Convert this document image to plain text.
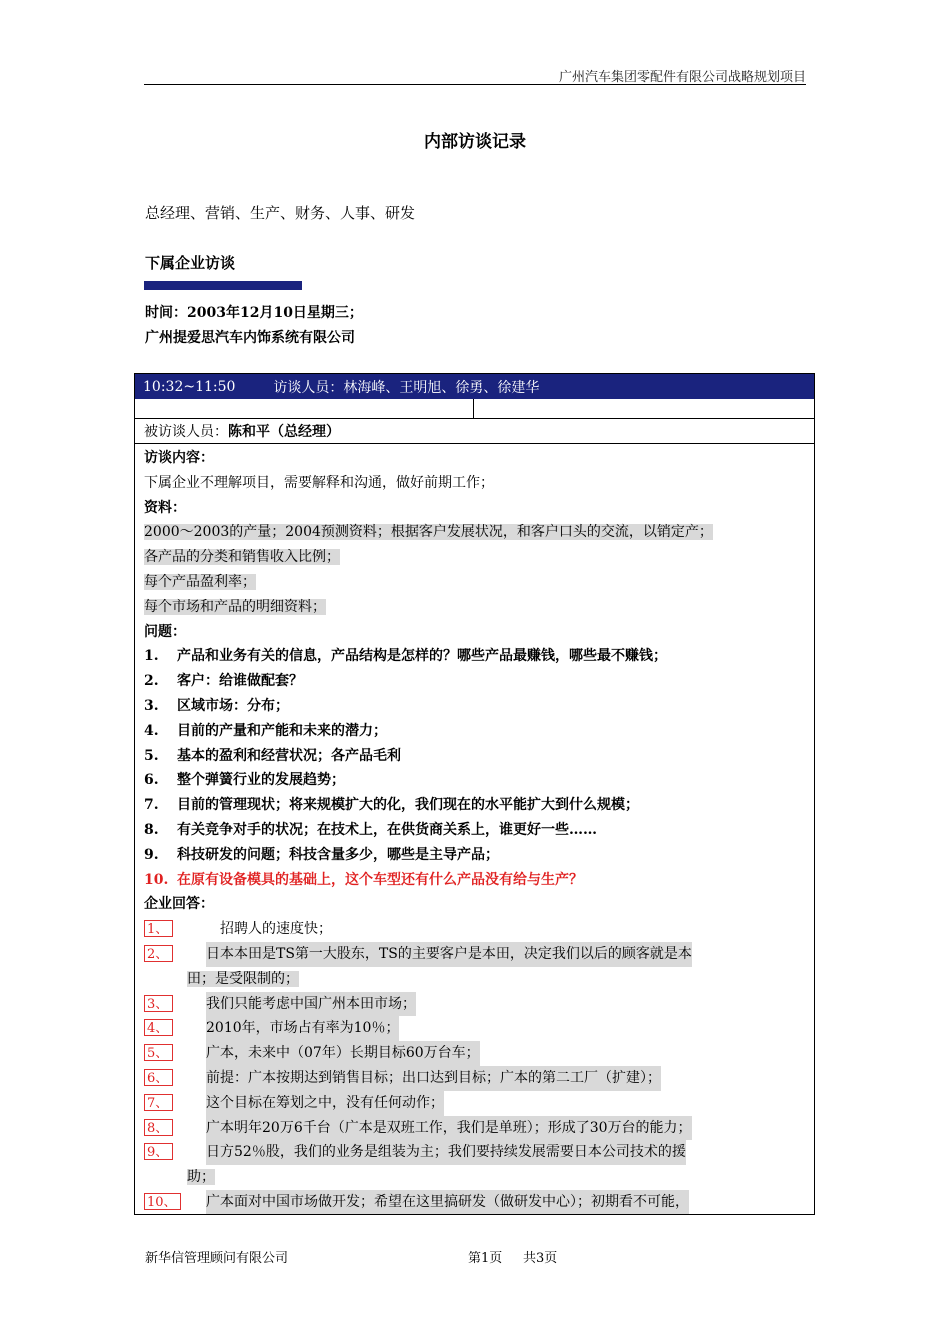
广州汽车集团零配件有限公司战略规划项目
内部访谈记录
总经理、营销、生产、财务、人事、研发
下属企业访谈
时间：2003年12月10日星期三；
广州提爱思汽车内饰系统有限公司
10:32~11:50	访谈人员：林海峰、王明旭、徐勇、徐建华
被访谈人员： 陈和平（总经理）
访谈内容：
下属企业不理解项目，需要解释和沟通，做好前期工作；
资料：
2000～2003的产量；2004预测资料；根据客户发展状况，和客户口头的交流，以销定产；
各产品的分类和销售收入比例；
每个产品盈利率；
每个市场和产品的明细资料；
问题：
1. 产品和业务有关的信息，产品结构是怎样的？哪些产品最赚钱，哪些最不赚钱；
2. 客户：给谁做配套？
3. 区域市场：分布；
4. 目前的产量和产能和未来的潜力；
5. 基本的盈利和经营状况；各产品毛利
6. 整个弹簧行业的发展趋势；
7. 目前的管理现状；将来规模扩大的化，我们现在的水平能扩大到什么规模；
8. 有关竞争对手的状况；在技术上，在供货商关系上，谁更好一些……
9. 科技研发的问题；科技含量多少，哪些是主导产品；
10. 在原有设备模具的基础上，这个车型还有什么产品没有给与生产？
企业回答：
1、	招聘人的速度快；
2、	日本本田是TS第一大股东，TS的主要客户是本田，决定我们以后的顾客就是本
田；是受限制的；
3、	我们只能考虑中国广州本田市场；
4、	2010年，市场占有率为10％；
5、	广本，未来中（07年）长期目标60万台车；
6、	前提：广本按期达到销售目标；出口达到目标；广本的第二工厂（扩建）；
7、	这个目标在筹划之中，没有任何动作；
8、	广本明年20万6千台（广本是双班工作，我们是单班）；形成了30万台的能力；
9、	日方52％股，我们的业务是组装为主；我们要持续发展需要日本公司技术的援
助；
10、	广本面对中国市场做开发；希望在这里搞研发（做研发中心）；初期看不可能，
新华信管理顾问有限公司	第1页 共3页
